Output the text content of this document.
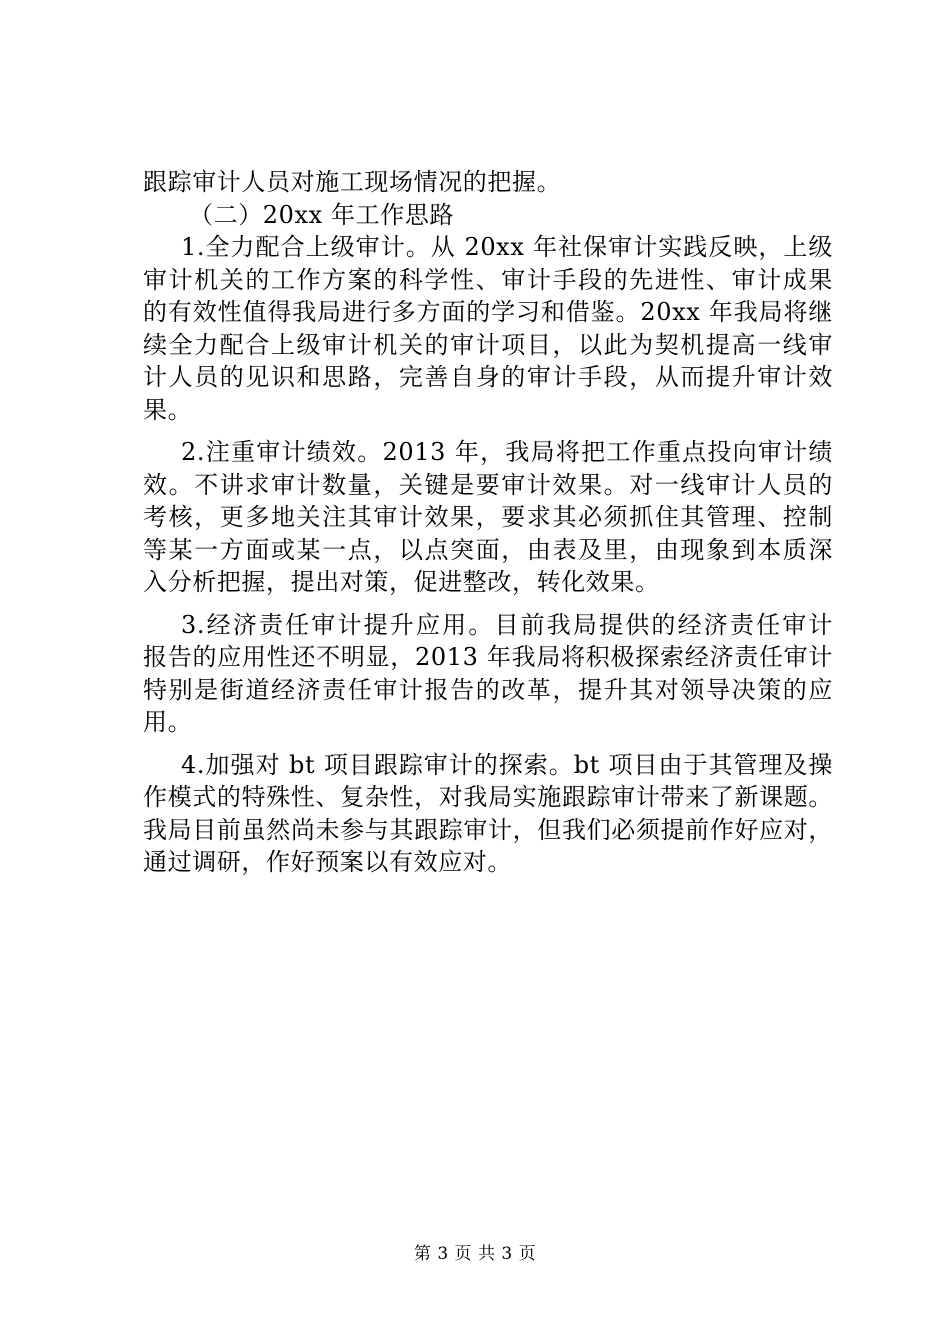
跟踪审计人员对施工现场情况的把握。
（二）20xx 年工作思路
1.全力配合上级审计。从 20xx 年社保审计实践反映，上级
审计机关的工作方案的科学性、审计手段的先进性、审计成果
的有效性值得我局进行多方面的学习和借鉴。20xx 年我局将继
续全力配合上级审计机关的审计项目，以此为契机提高一线审
计人员的见识和思路，完善自身的审计手段，从而提升审计效
果。
2.注重审计绩效。2013 年，我局将把工作重点投向审计绩
效。不讲求审计数量，关键是要审计效果。对一线审计人员的
考核，更多地关注其审计效果，要求其必须抓住其管理、控制
等某一方面或某一点，以点突面，由表及里，由现象到本质深
入分析把握，提出对策，促进整改，转化效果。
3.经济责任审计提升应用。目前我局提供的经济责任审计
报告的应用性还不明显，2013 年我局将积极探索经济责任审计
特别是街道经济责任审计报告的改革，提升其对领导决策的应
用。
4.加强对 bt 项目跟踪审计的探索。bt 项目由于其管理及操
作模式的特殊性、复杂性，对我局实施跟踪审计带来了新课题。
我局目前虽然尚未参与其跟踪审计，但我们必须提前作好应对，
通过调研，作好预案以有效应对。
第 3 页 共 3 页
